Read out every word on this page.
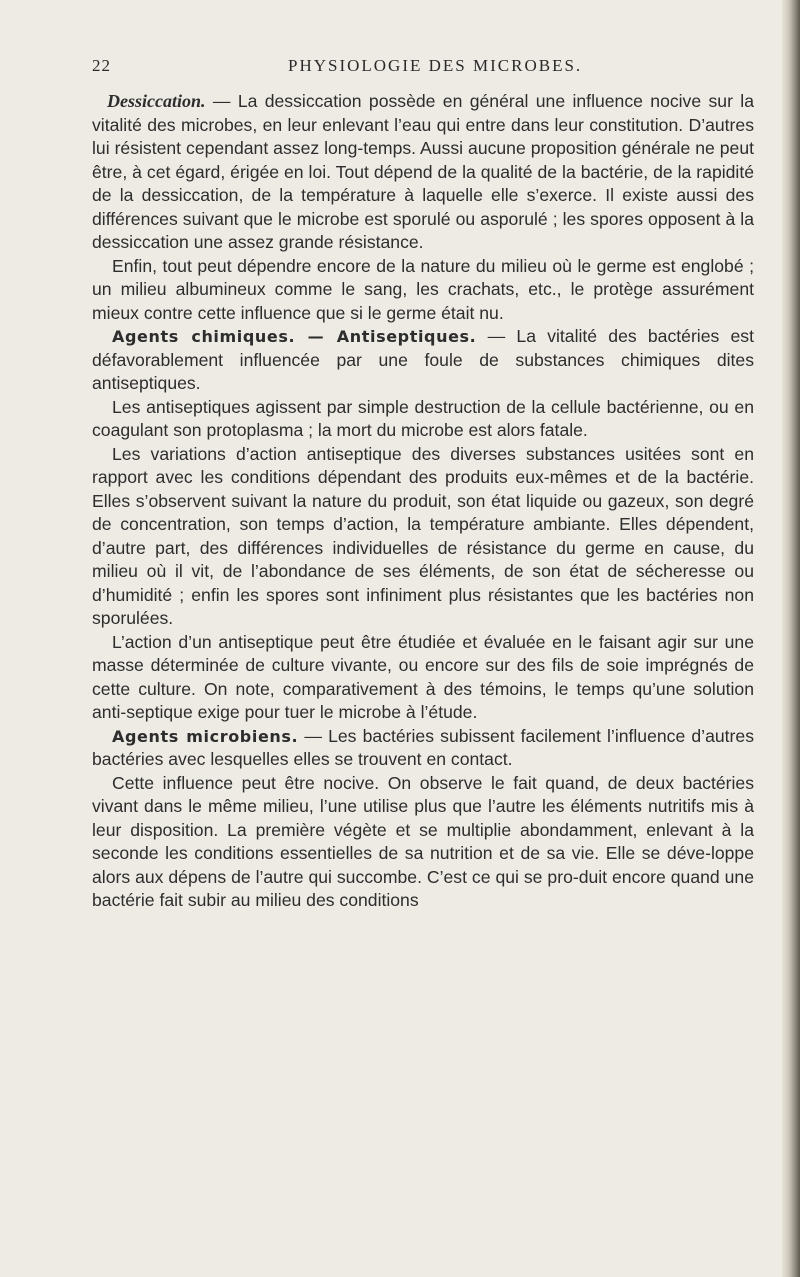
22	PHYSIOLOGIE DES MICROBES.

Dessiccation. — La dessiccation possède en général une influence nocive sur la vitalité des microbes, en leur enlevant l’eau qui entre dans leur constitution. D’autres lui résistent cependant assez long-temps. Aussi aucune proposition générale ne peut être, à cet égard, érigée en loi. Tout dépend de la qualité de la bactérie, de la rapidité de la dessiccation, de la température à laquelle elle s’exerce. Il existe aussi des différences suivant que le microbe est sporulé ou asporulé ; les spores opposent à la dessiccation une assez grande résistance.

Enfin, tout peut dépendre encore de la nature du milieu où le germe est englobé ; un milieu albumineux comme le sang, les crachats, etc., le protège assurément mieux contre cette influence que si le germe était nu.

Agents chimiques. — Antiseptiques. — La vitalité des bactéries est défavorablement influencée par une foule de substances chimiques dites antiseptiques.

Les antiseptiques agissent par simple destruction de la cellule bactérienne, ou en coagulant son protoplasma ; la mort du microbe est alors fatale.

Les variations d’action antiseptique des diverses substances usitées sont en rapport avec les conditions dépendant des produits eux-mêmes et de la bactérie. Elles s’observent suivant la nature du produit, son état liquide ou gazeux, son degré de concentration, son temps d’action, la température ambiante. Elles dépendent, d’autre part, des différences individuelles de résistance du germe en cause, du milieu où il vit, de l’abondance de ses éléments, de son état de sécheresse ou d’humidité ; enfin les spores sont infiniment plus résistantes que les bactéries non sporulées.

L’action d’un antiseptique peut être étudiée et évaluée en le faisant agir sur une masse déterminée de culture vivante, ou encore sur des fils de soie imprégnés de cette culture. On note, comparativement à des témoins, le temps qu’une solution anti-septique exige pour tuer le microbe à l’étude.

Agents microbiens. — Les bactéries subissent facilement l’influence d’autres bactéries avec lesquelles elles se trouvent en contact.

Cette influence peut être nocive. On observe le fait quand, de deux bactéries vivant dans le même milieu, l’une utilise plus que l’autre les éléments nutritifs mis à leur disposition. La première végète et se multiplie abondamment, enlevant à la seconde les conditions essentielles de sa nutrition et de sa vie. Elle se déve-loppe alors aux dépens de l’autre qui succombe. C’est ce qui se pro-duit encore quand une bactérie fait subir au milieu des conditions
